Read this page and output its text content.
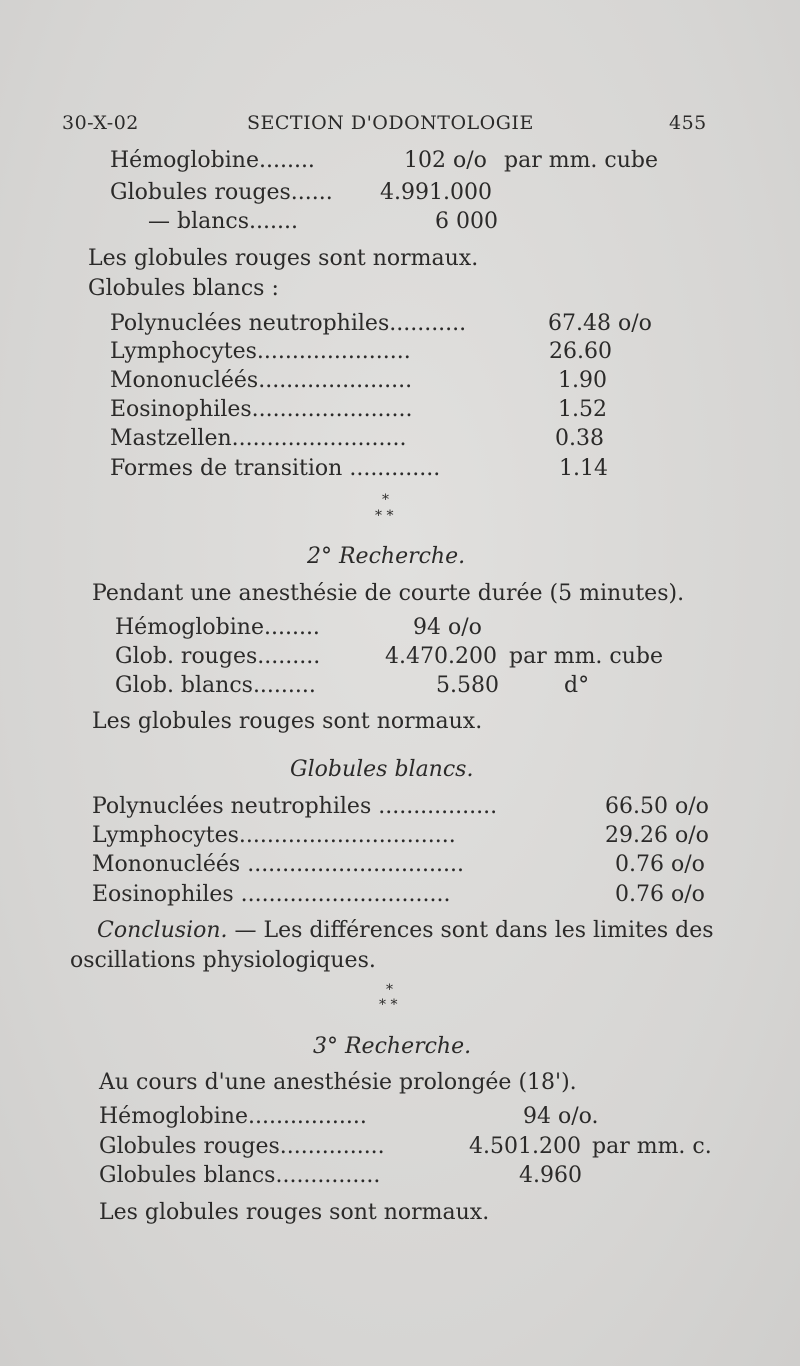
30-X-02	SECTION D'ODONTOLOGIE	455
Hémoglobine........	102 o/o par mm. cube
Globules rouges...... 4.991.000
— blancs.......	6 000
Les globules rouges sont normaux.
Globules blancs :
Polynuclées neutrophiles...........	67.48 o/o
Lymphocytes......................	26.60
Mononucléés......................	1.90
Eosinophiles.......................	1.52
Mastzellen.........................	0.38
Formes de transition .............	1.14
*
* *
2° Recherche.
Pendant une anesthésie de courte durée (5 minutes).
Hémoglobine........	94 o/o
Glob. rouges.........	4.470.200 par mm. cube
Glob. blancs.........	5.580	d°
Les globules rouges sont normaux.
Globules blancs.
Polynuclées neutrophiles .................	66.50 o/o
Lymphocytes...............................	29.26 o/o
Mononucléés ...............................	0.76 o/o
Eosinophiles ..............................	0.76 o/o
Conclusion. — Les différences sont dans les limites des
oscillations physiologiques.
*
* *
3° Recherche.
Au cours d'une anesthésie prolongée (18').
Hémoglobine.................	94 o/o.
Globules rouges...............	4.501.200 par mm. c.
Globules blancs...............	4.960
Les globules rouges sont normaux.
